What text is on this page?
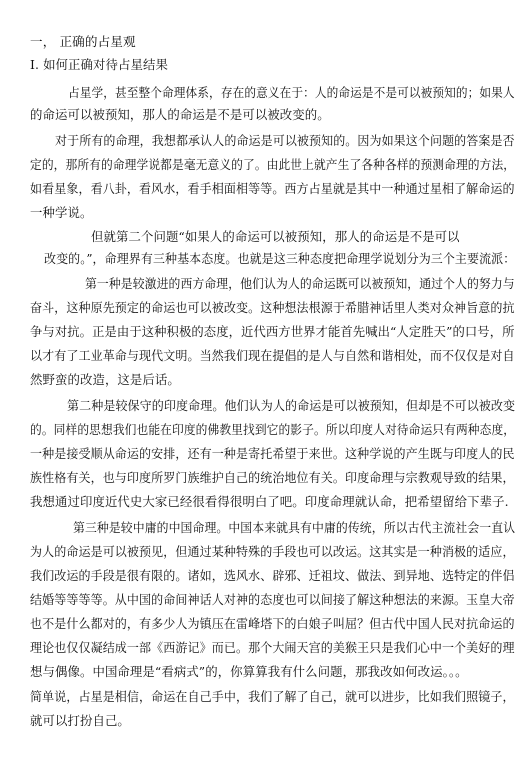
一， 正确的占星观
I. 如何正确对待占星结果
占星学，甚至整个命理体系，存在的意义在于：人的命运是不是可以被预知的；如果人
的命运可以被预知，那人的命运是不是可以被改变的。
对于所有的命理，我想都承认人的命运是可以被预知的。因为如果这个问题的答案是否
定的，那所有的命理学说都是毫无意义的了。由此世上就产生了各种各样的预测命理的方法，
如看星象，看八卦，看风水，看手相面相等等。西方占星就是其中一种通过星相了解命运的
一种学说。
但就第二个问题“如果人的命运可以被预知，那人的命运是不是可以
改变的。”，命理界有三种基本态度。也就是这三种态度把命理学说划分为三个主要流派：
第一种是较激进的西方命理，他们认为人的命运既可以被预知，通过个人的努力与
奋斗，这种原先预定的命运也可以被改变。这种想法根源于希腊神话里人类对众神旨意的抗
争与对抗。正是由于这种积极的态度，近代西方世界才能首先喊出“人定胜天”的口号，所
以才有了工业革命与现代文明。当然我们现在提倡的是人与自然和谐相处，而不仅仅是对自
然野蛮的改造，这是后话。
第二种是较保守的印度命理。他们认为人的命运是可以被预知，但却是不可以被改变
的。同样的思想我们也能在印度的佛教里找到它的影子。所以印度人对待命运只有两种态度，
一种是接受顺从命运的安排，还有一种是寄托希望于来世。这种学说的产生既与印度人的民
族性格有关，也与印度所罗门族维护自己的统治地位有关。印度命理与宗教观导致的结果，
我想通过印度近代史大家已经很看得很明白了吧。印度命理就认命，把希望留给下辈子.
第三种是较中庸的中国命理。中国本来就具有中庸的传统，所以古代主流社会一直认
为人的命运是可以被预见，但通过某种特殊的手段也可以改运。这其实是一种消极的适应，
我们改运的手段是很有限的。诸如，选风水、辟邪、迁祖坟、做法、到异地、选特定的伴侣
结婚等等等等。从中国的命间神话人对神的态度也可以间接了解这种想法的来源。玉皇大帝
也不是什么都对的，有多少人为镇压在雷峰塔下的白娘子叫屈？但古代中国人民对抗命运的
理论也仅仅凝结成一部《西游记》而已。那个大闹天宫的美猴王只是我们心中一个美好的理
想与偶像。中国命理是“看病式”的，你算算我有什么问题，那我改如何改运。。。
简单说，占星是相信，命运在自己手中，我们了解了自己，就可以进步，比如我们照镜子，
就可以打扮自己。
